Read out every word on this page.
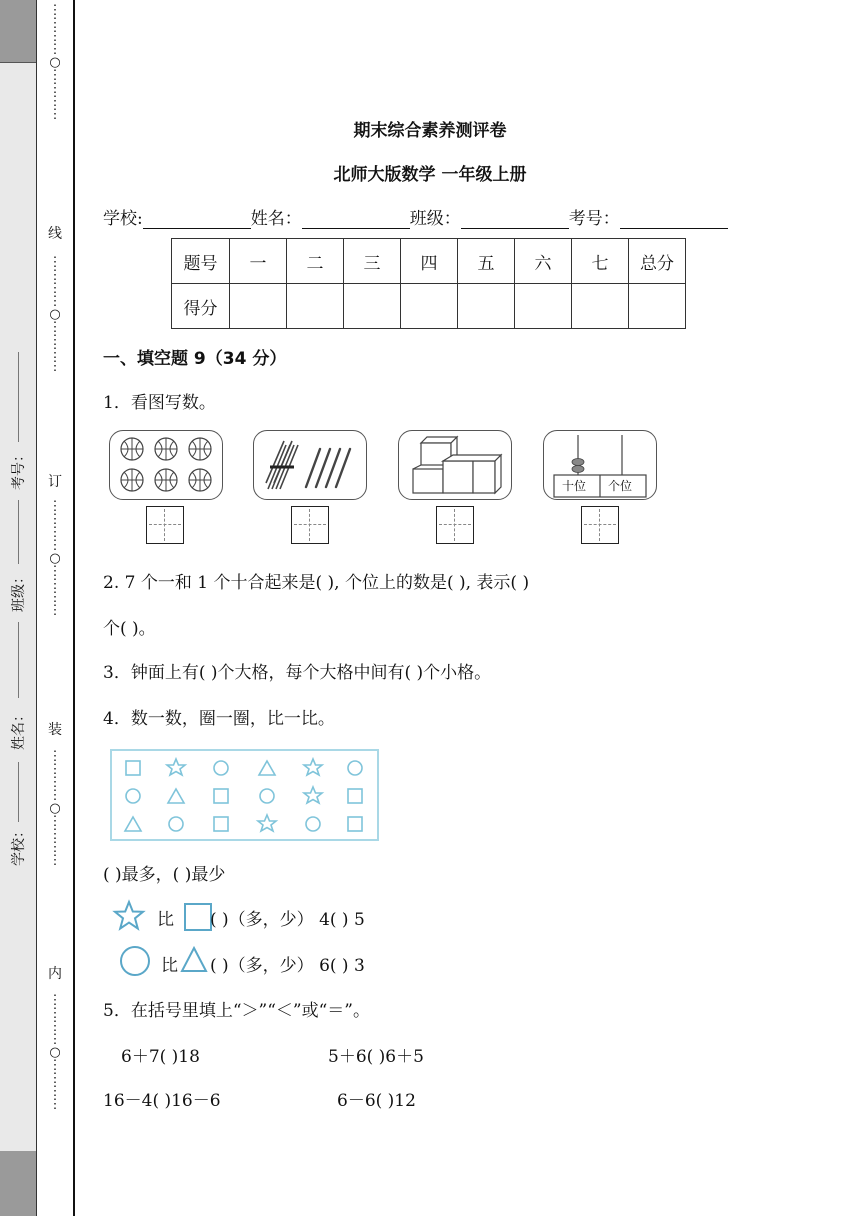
⋮
⋮
⋮
⋮
○
⋮
⋮
⋮
⋮
线
⋮
⋮
⋮
⋮
○
⋮
⋮
⋮
⋮
订
⋮
⋮
⋮
⋮
○
⋮
⋮
⋮
⋮
装
⋮
⋮
⋮
⋮
○
⋮
⋮
⋮
⋮
内
⋮
⋮
⋮
⋮
○
⋮
⋮
⋮
⋮
考号：
班级：
姓名：
学校：
期末综合素养测评卷
北师大版数学 一年级上册
学校:	姓名：	班级：	考号：
题号	一	二	三	四	五	六	七	总分
得分								
一、填空题 9（34 分）
1．看图写数。
十位 个位
2. 7 个一和 1 个十合起来是( ), 个位上的数是( ), 表示( )
个( )。
3．钟面上有( )个大格，每个大格中间有( )个小格。
4．数一数，圈一圈，比一比。
( )最多，( )最少
比 ( )（多，少） 4( ) 5
比 ( )（多，少） 6( ) 3
5．在括号里填上“＞”“＜”或“＝”。
6＋7( )18	5＋6( )6＋5
16－4( )16－6	6－6( )12
